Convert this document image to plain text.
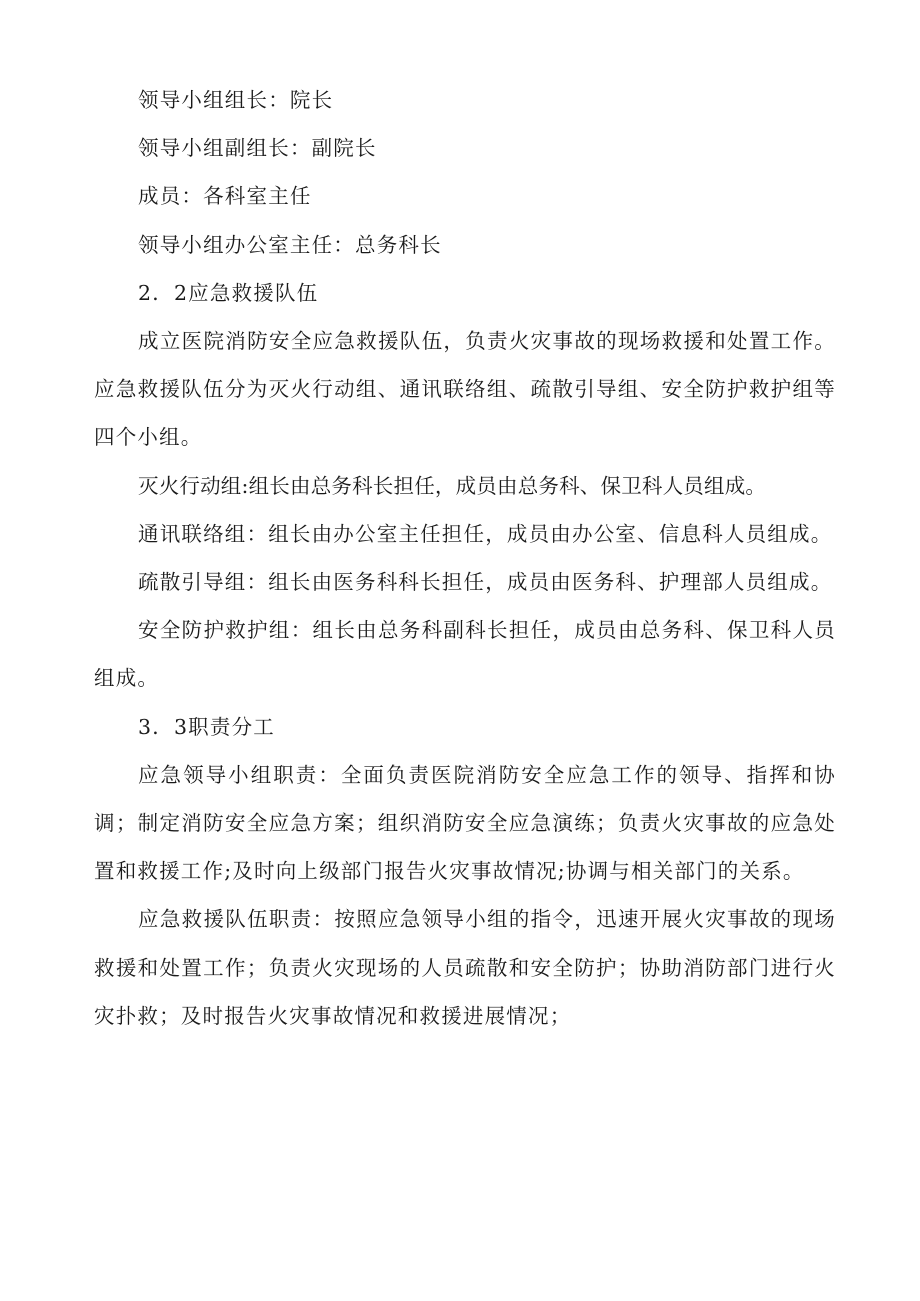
领导小组组长：院长

领导小组副组长：副院长

成员：各科室主任

领导小组办公室主任：总务科长

2．2应急救援队伍

成立医院消防安全应急救援队伍，负责火灾事故的现场救援和处置工作。应急救援队伍分为灭火行动组、通讯联络组、疏散引导组、安全防护救护组等四个小组。

灭火行动组:组长由总务科长担任，成员由总务科、保卫科人员组成。

通讯联络组：组长由办公室主任担任，成员由办公室、信息科人员组成。

疏散引导组：组长由医务科科长担任，成员由医务科、护理部人员组成。

安全防护救护组：组长由总务科副科长担任，成员由总务科、保卫科人员组成。

3．3职责分工

应急领导小组职责：全面负责医院消防安全应急工作的领导、指挥和协调；制定消防安全应急方案；组织消防安全应急演练；负责火灾事故的应急处置和救援工作;及时向上级部门报告火灾事故情况;协调与相关部门的关系。

应急救援队伍职责：按照应急领导小组的指令，迅速开展火灾事故的现场救援和处置工作；负责火灾现场的人员疏散和安全防护；协助消防部门进行火灾扑救；及时报告火灾事故情况和救援进展情况；
